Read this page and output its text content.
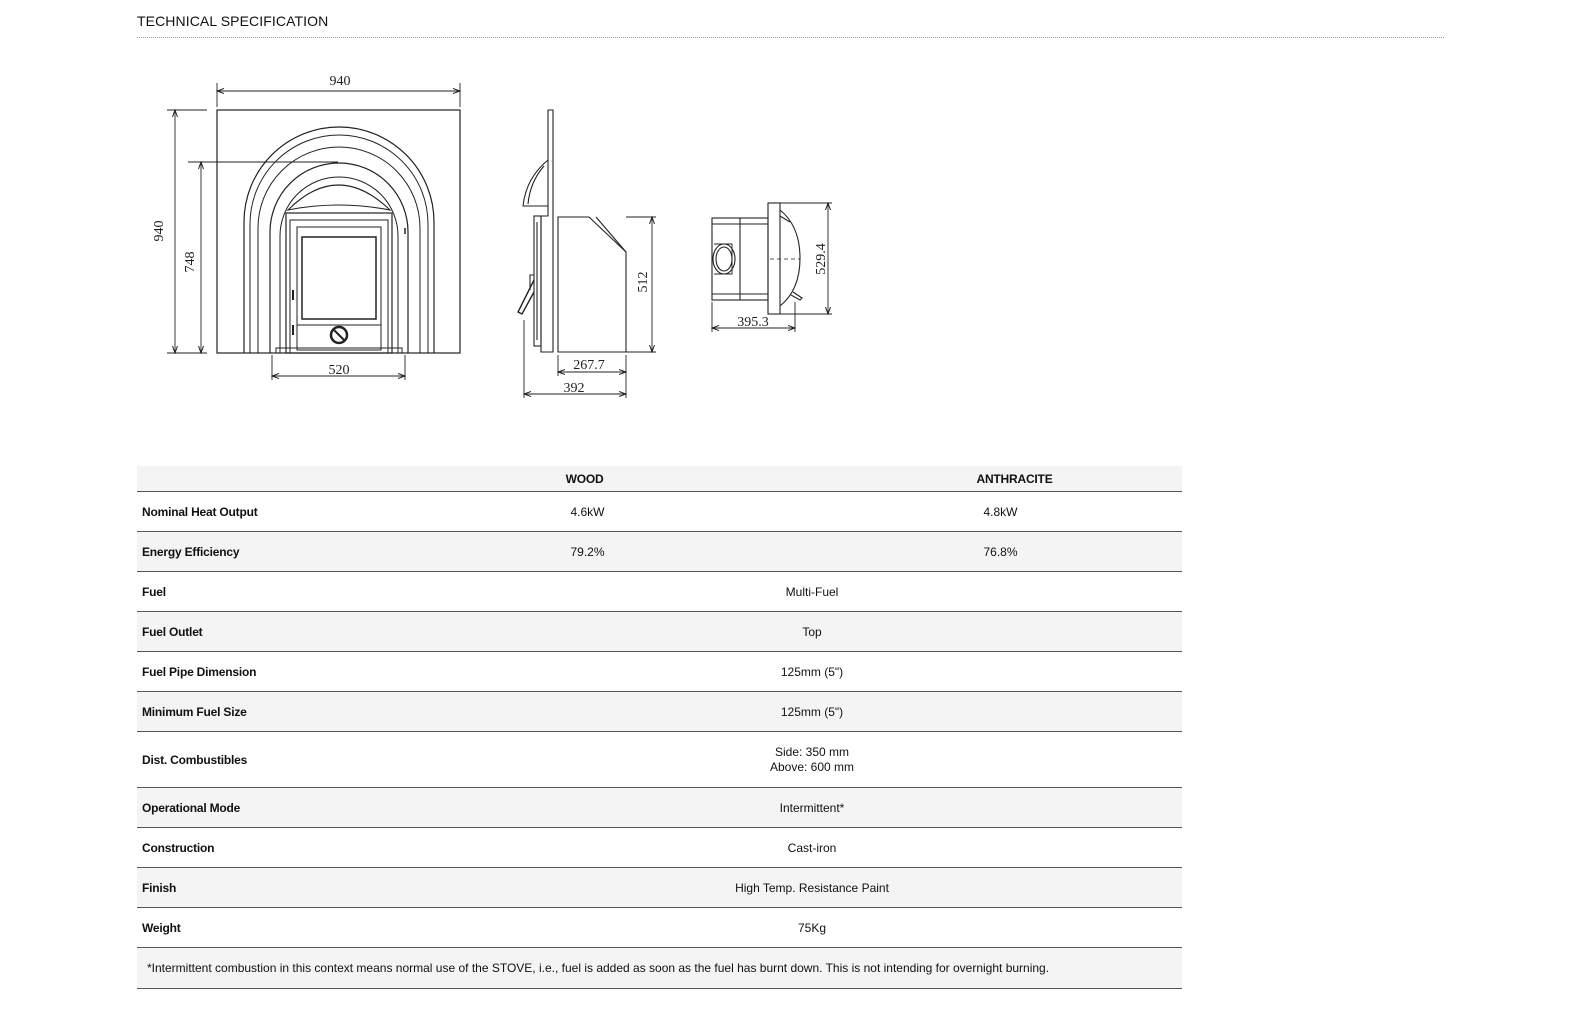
TECHNICAL SPECIFICATION
940
940
748
520
512
267.7
392
529.4
395.3
	WOOD		ANTHRACITE
Nominal Heat Output	4.6kW		4.8kW
Energy Efficiency	79.2%		76.8%
Fuel	Multi-Fuel		
Fuel Outlet	Top		
Fuel Pipe Dimension	125mm (5")		
Minimum Fuel Size	125mm (5")		
Dist. Combustibles	Side: 350 mm
Above: 600 mm		

Operational Mode	Intermittent*		
Construction	Cast-iron		
Finish	High Temp. Resistance Paint		
Weight	75Kg		
*Intermittent combustion in this context means normal use of the STOVE, i.e., fuel is added as soon as the fuel has burnt down. This is not intending for overnight burning.			
